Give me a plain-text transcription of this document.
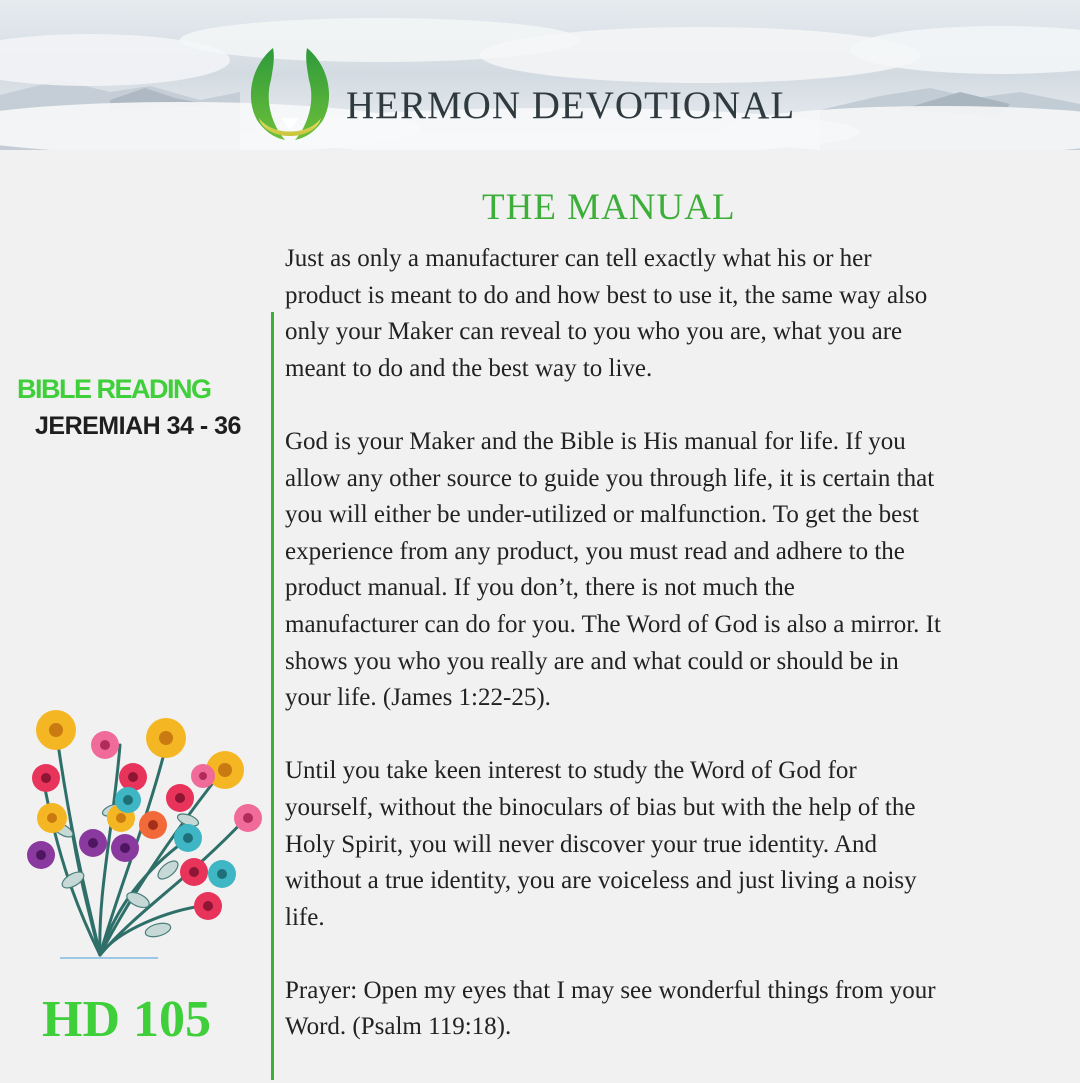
HERMON DEVOTIONAL
THE MANUAL
BIBLE READING
JEREMIAH 34 - 36

Just as only a manufacturer can tell exactly what his or her
product is meant to do and how best to use it, the same way also
only your Maker can reveal to you who you are, what you are
meant to do and the best way to live.

God is your Maker and the Bible is His manual for life. If you
allow any other source to guide you through life, it is certain that
you will either be under-utilized or malfunction. To get the best
experience from any product, you must read and adhere to the
product manual. If you don’t, there is not much the
manufacturer can do for you. The Word of God is also a mirror. It
shows you who you really are and what could or should be in
your life. (James 1:22-25).

Until you take keen interest to study the Word of God for
yourself, without the binoculars of bias but with the help of the
Holy Spirit, you will never discover your true identity. And
without a true identity, you are voiceless and just living a noisy
life.

Prayer: Open my eyes that I may see wonderful things from your
Word. (Psalm 119:18).

HD 105
